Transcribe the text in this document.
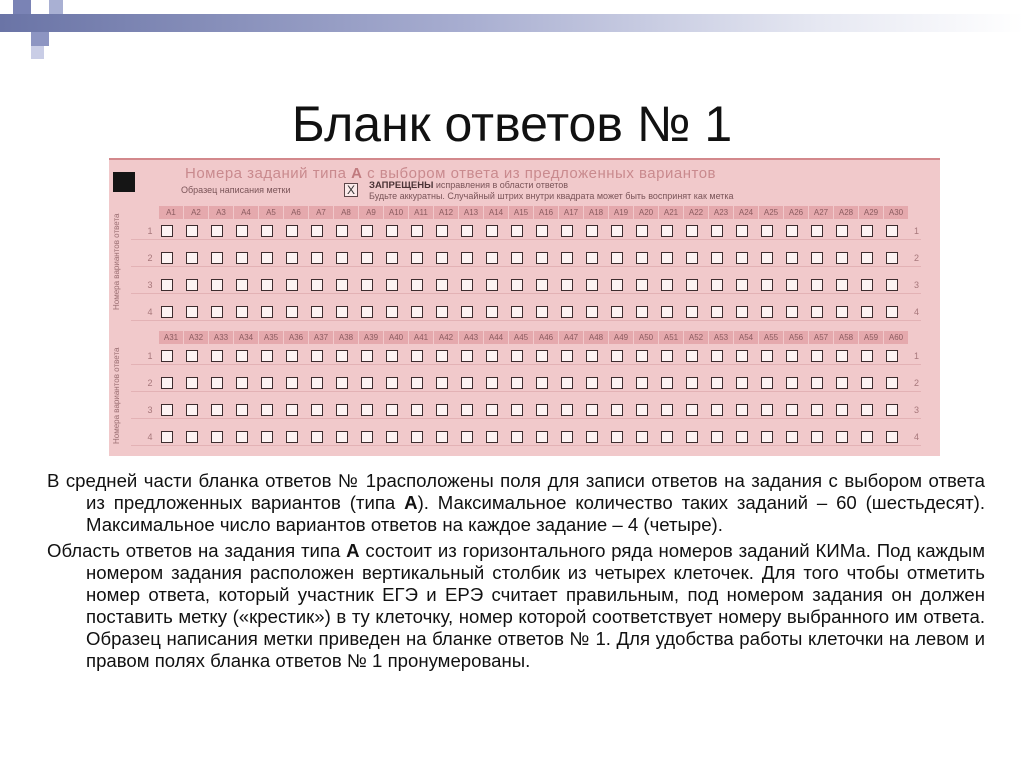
Бланк ответов № 1
Номера заданий типа А с выбором ответа из предложенных вариантов
Образец написания метки	X	ЗАПРЕЩЕНЫ исправления в области ответов
Будьте аккуратны. Случайный штрих внутри квадрата может быть воспринят как метка
Номера вариантов ответа
Номера вариантов ответа
A1	A2	A3	A4	A5	A6	A7	A8	A9	A10	A11	A12	A13	A14	A15	A16	A17	A18	A19	A20	A21	A22	A23	A24	A25	A26	A27	A28	A29	A30
1	1
2	2
3	3
4	4
A31	A32	A33	A34	A35	A36	A37	A38	A39	A40	A41	A42	A43	A44	A45	A46	A47	A48	A49	A50	A51	A52	A53	A54	A55	A56	A57	A58	A59	A60
1	1
2	2
3	3
4	4

В средней части бланка ответов № 1расположены поля для записи ответов на задания с выбором ответа из предложенных вариантов (типа А). Максимальное количество таких заданий – 60 (шестьдесят). Максимальное число вариантов ответов на каждое задание – 4 (четыре).

Область ответов на задания типа А состоит из горизонтального ряда номеров заданий КИМа. Под каждым номером задания расположен вертикальный столбик из четырех клеточек. Для того чтобы отметить номер ответа, который участник ЕГЭ и ЕРЭ считает правильным, под номером задания он должен поставить метку («крестик») в ту клеточку, номер которой соответствует номеру выбранного им ответа. Образец написания метки приведен на бланке ответов № 1. Для удобства работы клеточки на левом и правом полях бланка ответов № 1 пронумерованы.
